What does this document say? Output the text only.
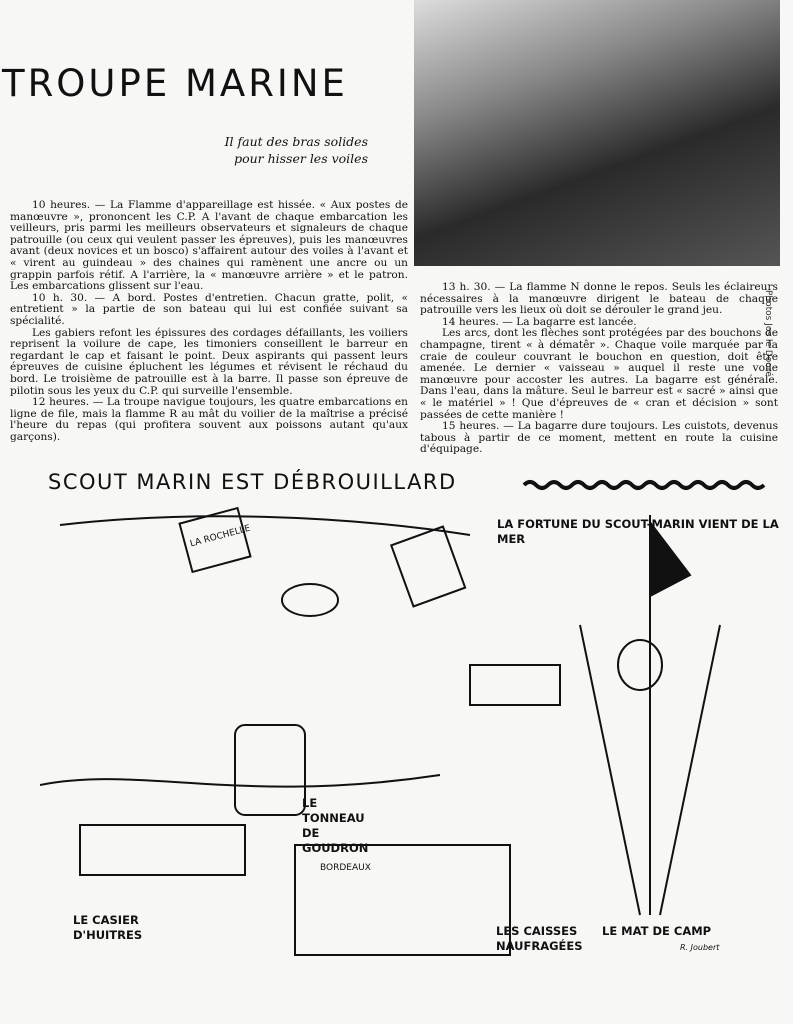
TROUPE MARINE
Il faut des bras solides
pour hisser les voiles
Photos Jos le Dooré

10 heures. — La Flamme d'appareillage est hissée. « Aux postes de manœuvre », prononcent les C.P. A l'avant de chaque embarcation les veilleurs, pris parmi les meilleurs observateurs et signaleurs de chaque patrouille (ou ceux qui veulent passer les épreuves), puis les manœuvres avant (deux novices et un bosco) s'affairent autour des voiles à l'avant et « virent au guindeau » des chaines qui ramènent une ancre ou un grappin parfois rétif. A l'arrière, la « manœuvre arrière » et le patron. Les embarcations glissent sur l'eau.

10 h. 30. — A bord. Postes d'entretien. Chacun gratte, polit, « entretient » la partie de son bateau qui lui est confiée suivant sa spécialité.

Les gabiers refont les épissures des cordages défaillants, les voiliers reprisent la voilure de cape, les timoniers conseillent le barreur en regardant le cap et faisant le point. Deux aspirants qui passent leurs épreuves de cuisine épluchent les légumes et révisent le réchaud du bord. Le troisième de patrouille est à la barre. Il passe son épreuve de pilotin sous les yeux du C.P. qui surveille l'ensemble.

12 heures. — La troupe navigue toujours, les quatre embarcations en ligne de file, mais la flamme R au mât du voilier de la maîtrise a précisé l'heure du repas (qui profitera souvent aux poissons autant qu'aux garçons).

13 h. 30. — La flamme N donne le repos. Seuls les éclaireurs nécessaires à la manœuvre dirigent le bateau de chaque patrouille vers les lieux où doit se dérouler le grand jeu.

14 heures. — La bagarre est lancée.

Les arcs, dont les flèches sont protégées par des bouchons de champagne, tirent « à dématêr ». Chaque voile marquée par la craie de couleur couvrant le bouchon en question, doit être amenée. Le dernier « vaisseau » auquel il reste une voile manœuvre pour accoster les autres. La bagarre est générale. Dans l'eau, dans la mâture. Seul le barreur est « sacré » ainsi que « le matériel » ! Que d'épreuves de « cran et décision » sont passées de cette manière !

15 heures. — La bagarre dure toujours. Les cuistots, devenus tabous à partir de ce moment, mettent en route la cuisine d'équipage.

SCOUT MARIN EST DÉBROUILLARD
LA ROCHELLE
BORDEAUX
LA FORTUNE DU SCOUT-MARIN VIENT DE LA MER
LE TONNEAU DE GOUDRON
LE CASIER D'HUITRES	LES CAISSES NAUFRAGÉES
LE MAT DE CAMP
R. Joubert
